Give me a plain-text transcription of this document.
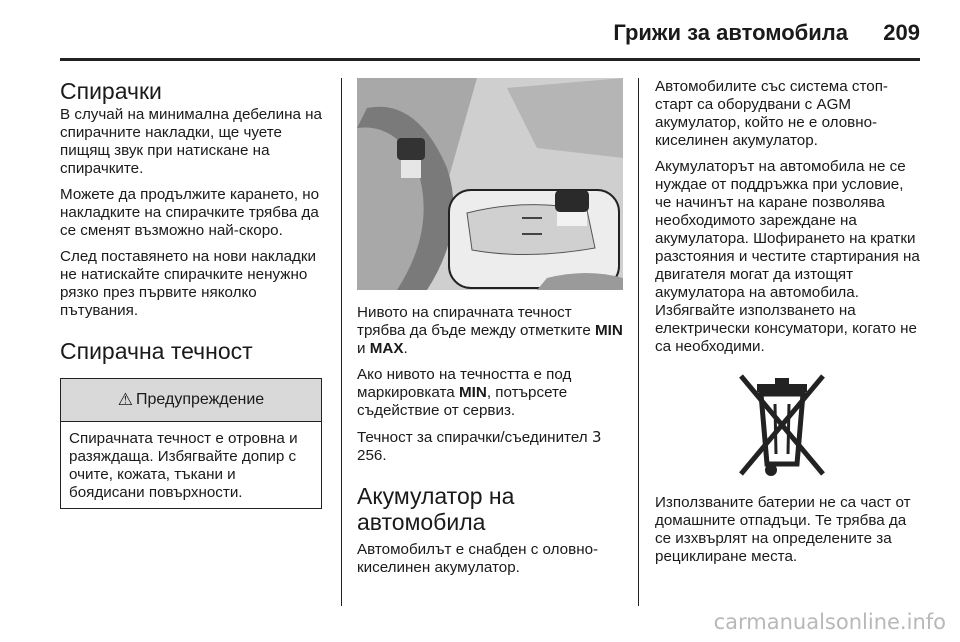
Грижи за автомобила 209
Спирачки

В случай на минимална дебелина на спирачните накладки, ще чуете пищящ звук при натискане на спирачките.

Можете да продължите карането, но накладките на спирачките трябва да се сменят възможно най-скоро.

След поставянето на нови накладки не натискайте спирачките ненужно рязко през първите няколко пътувания.

Спирачна течност
⚠ Предупреждение
Спирачната течност е отровна и разяждаща. Избягвайте допир с очите, кожата, тъкани и боядисани повърхности.

Нивото на спирачната течност трябва да бъде между отметките MIN и MAX.

Ако нивото на течността е под маркировката MIN, потърсете съдействие от сервиз.

Течност за спирачки/съединител 3 256.

Акумулатор на автомобила

Автомобилът е снабден с оловно-киселинен акумулатор.

Автомобилите със система стоп-старт са оборудвани с AGM акумулатор, който не е оловно-киселинен акумулатор.

Акумулаторът на автомобила не се нуждае от поддръжка при условие, че начинът на каране позволява необходимото зареждане на акумулатора. Шофирането на кратки разстояния и честите стартирания на двигателя могат да изтощят акумулатора на автомобила. Избягвайте използването на електрически консуматори, когато не са необходими.

Използваните батерии не са част от домашните отпадъци. Те трябва да се изхвърлят на определените за рециклиране места.

carmanualsonline.info
